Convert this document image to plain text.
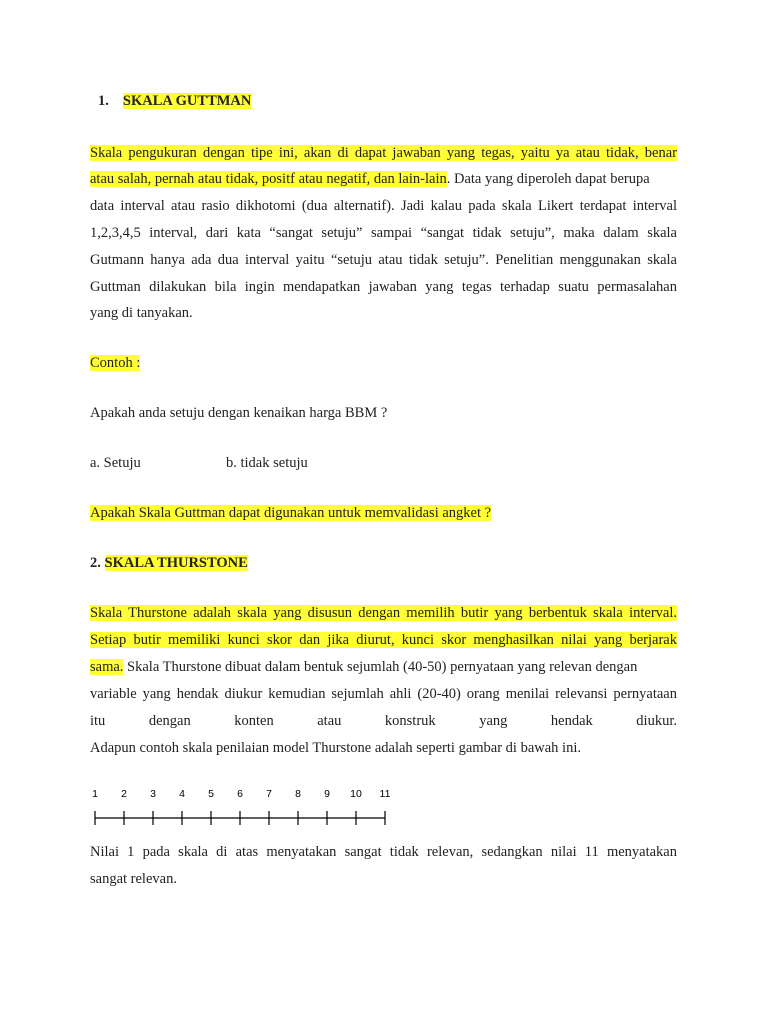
1. SKALA GUTTMAN
Skala pengukuran dengan tipe ini, akan di dapat jawaban yang tegas, yaitu ya atau tidak, benar
atau salah, pernah atau tidak, positf atau negatif, dan lain-lain. Data yang diperoleh dapat berupa
data interval atau rasio dikhotomi (dua alternatif). Jadi kalau pada skala Likert terdapat interval
1,2,3,4,5 interval, dari kata “sangat setuju” sampai “sangat tidak setuju”, maka dalam skala
Gutmann hanya ada dua interval yaitu “setuju atau tidak setuju”. Penelitian menggunakan skala
Guttman dilakukan bila ingin mendapatkan jawaban yang tegas terhadap suatu permasalahan
yang di tanyakan.
Contoh :
Apakah anda setuju dengan kenaikan harga BBM ?
a. Setuju	b. tidak setuju
Apakah Skala Guttman dapat digunakan untuk memvalidasi angket ?
2. SKALA THURSTONE
Skala Thurstone adalah skala yang disusun dengan memilih butir yang berbentuk skala interval.
Setiap butir memiliki kunci skor dan jika diurut, kunci skor menghasilkan nilai yang berjarak
sama. Skala Thurstone dibuat dalam bentuk sejumlah (40-50) pernyataan yang relevan dengan
variable yang hendak diukur kemudian sejumlah ahli (20-40) orang menilai relevansi pernyataan
itu dengan konten atau konstruk yang hendak diukur.
Adapun contoh skala penilaian model Thurstone adalah seperti gambar di bawah ini.
1 2 3 4 5 6 7 8 9 10 11
Nilai 1 pada skala di atas menyatakan sangat tidak relevan, sedangkan nilai 11 menyatakan
sangat relevan.
